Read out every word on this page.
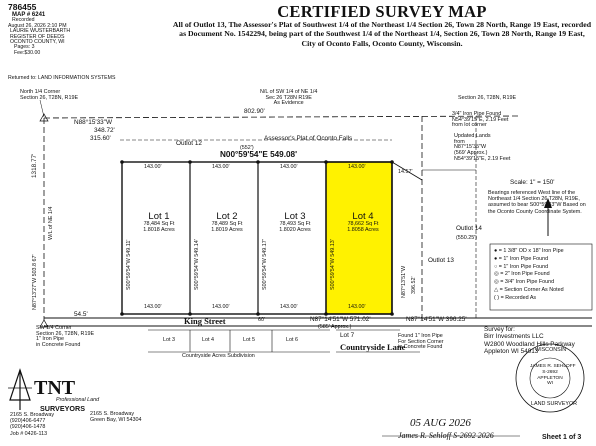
786455
MAP # 6241
Recorded
August 26, 2026 2:10 PM
LAURIE WUSTERBARTH
REGISTER OF DEEDS
OCONTO COUNTY, WI
Pages: 3
Fee:$30.00
Returned to: LAND INFORMATION SYSTEMS
CERTIFIED SURVEY MAP
All of Outlot 13, The Assessor's Plat of Southwest 1/4 of the Northeast 1/4 Section 26, Town 28 North, Range 19 East, recorded as Document No. 1542294, being part of the Southwest 1/4 of the Northeast 1/4, Section 26, Town 28 North, Range 19 East, City of Oconto Falls, Oconto County, Wisconsin.
North 1/4 Corner
Section 26, T28N, R19E
N/L of SW 1/4 of NE 1/4
Sec 26 T28N R19E
As Evidence
Section 26, T28N, R19E
3/4" Iron Pipe Found
N54°39'15"E, 2.19 Feet
from lot corner
N88°15'33"W
348.72'
315.60'
802.90'
Outlot 12
Assessor's Plat of Oconto Falls
(552')
N00°59'54"E 549.08'
1318.77'
W/L of NE 1/4
N87°13'27"W 503.8 67'
143.00'	143.00'	143.00'	143.00'
143.00'	143.00'	143.00'	143.00'
Lot 1
78,484 Sq Ft
1.8018 Acres
Lot 2
78,489 Sq Ft
1.8019 Acres
Lot 3
78,493 Sq Ft
1.8020 Acres
Lot 4
78,662 Sq Ft
1.8058 Acres
S00°59'54"W 549.11'	S00°59'54"W 549.14'	S00°59'54"W 549.17'	S00°59'54"W 549.13'
14.57'
Outlot 13
N87°13'51"W 396.52'
Updated Lands
from
N87°15'35"W
(569' Approx.)
N54°39'15"E, 2.19 Feet
Outlot 14
(550.25')
Scale: 1" = 150'
Bearings referenced West line of the Northeast 1/4 Section 26 T28N, R19E, assumed to bear S00°59'33"W Based on the Oconto County Coordinate System.
● = 1 3/8" OD x 18" Iron Pipe
● = 1" Iron Pipe Found
○ = 1" Iron Pipe Found
◎ = 2" Iron Pipe Found
◎ = 3/4" Iron Pipe Found
△ = Section Corner As Noted
( ) = Recorded As
54.5'
King Street	60'	N87°14'51"W 571.02'
(585' Approx.)
N87°14'51"W 396.25'
Lot 3	Lot 4	Lot 5	Lot 6
Countryside Acres Subdivision
Lot 7
Countryside Lane
Found 1" Iron Pipe
For Section Corner
in Concrete Found
SW 1/4 Corner
Section 26, T28N, R19E
1" Iron Pipe
in Concrete Found
Survey for:
Birr Investments LLC
W2800 Woodland Hills Parkway
Appleton WI 54913
TNT
Professional Land
SURVEYORS
2165 S. Broadway
Green Bay, WI 54304
2165 S. Broadway
(920)406-6477
(920)406-1478
Job # 0426-113
WISCONSIN
JAMES R. SEHLOFF
S-2692
APPLETON
WI
LAND SURVEYOR
05 AUG 2026
James R. Sehloff S-2692 2026	Sheet 1 of 3
